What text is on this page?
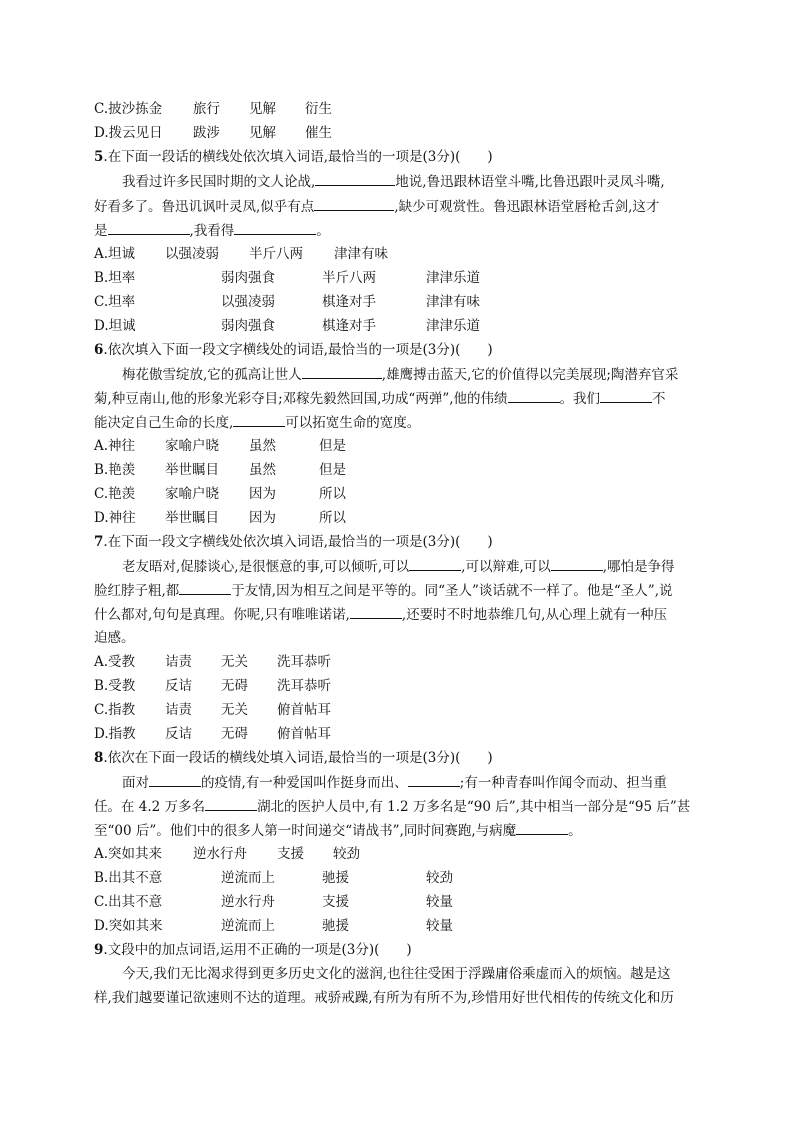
C.披沙拣金 旅行 见解 衍生
D.拨云见日 跋涉 见解 催生
5.在下面一段话的横线处依次填入词语,最恰当的一项是(3分)(　　)
我看过许多民国时期的文人论战,	地说,鲁迅跟林语堂斗嘴,比鲁迅跟叶灵凤斗嘴,
好看多了。鲁迅讥讽叶灵凤,似乎有点	,缺少可观赏性。鲁迅跟林语堂唇枪舌剑,这才
是	,我看得	。
A.坦诚 以强凌弱 半斤八两 津津有味
B.坦率	弱肉强食	半斤八两	津津乐道
C.坦率	以强凌弱	棋逢对手	津津有味
D.坦诚	弱肉强食	棋逢对手	津津乐道
6.依次填入下面一段文字横线处的词语,最恰当的一项是(3分)(　　)
梅花傲雪绽放,它的孤高让世人	,雄鹰搏击蓝天,它的价值得以完美展现;陶潜弃官采
菊,种豆南山,他的形象光彩夺目;邓稼先毅然回国,功成“两弹”,他的伟绩	。我们	不
能决定自己生命的长度,	可以拓宽生命的宽度。
A.神往 家喻户晓 虽然	但是
B.艳羡 举世瞩目 虽然	但是
C.艳羡 家喻户晓 因为	所以
D.神往 举世瞩目 因为	所以
7.在下面一段文字横线处依次填入词语,最恰当的一项是(3分)(　　)
老友晤对,促膝谈心,是很惬意的事,可以倾听,可以	,可以辩难,可以	,哪怕是争得
脸红脖子粗,都	于友情,因为相互之间是平等的。同“圣人”谈话就不一样了。他是“圣人”,说
什么都对,句句是真理。你呢,只有唯唯诺诺,	,还要时不时地恭维几句,从心理上就有一种压
迫感。
A.受教 诘责 无关 洗耳恭听
B.受教 反诘 无碍 洗耳恭听
C.指教 诘责 无关 俯首帖耳
D.指教 反诘 无碍 俯首帖耳
8.依次在下面一段话的横线处填入词语,最恰当的一项是(3分)(　　)
面对	的疫情,有一种爱国叫作挺身而出、	;有一种青春叫作闻令而动、担当重
任。在 4.2 万多名	湖北的医护人员中,有 1.2 万多名是“90 后”,其中相当一部分是“95 后”甚
至“00 后”。他们中的很多人第一时间递交“请战书”,同时间赛跑,与病魔	。
A.突如其来 逆水行舟 支援 较劲
B.出其不意	逆流而上	驰援	较劲
C.出其不意	逆水行舟	支援	较量
D.突如其来	逆流而上	驰援	较量
9.文段中的加点词语,运用不正确的一项是(3分)(　　)
今天,我们无比渴求得到更多历史文化的滋润,也往往受困于浮躁庸俗乘虚而入的烦恼。越是这
样,我们越要谨记欲速则不达的道理。戒骄戒躁,有所为有所不为,珍惜用好世代相传的传统文化和历
